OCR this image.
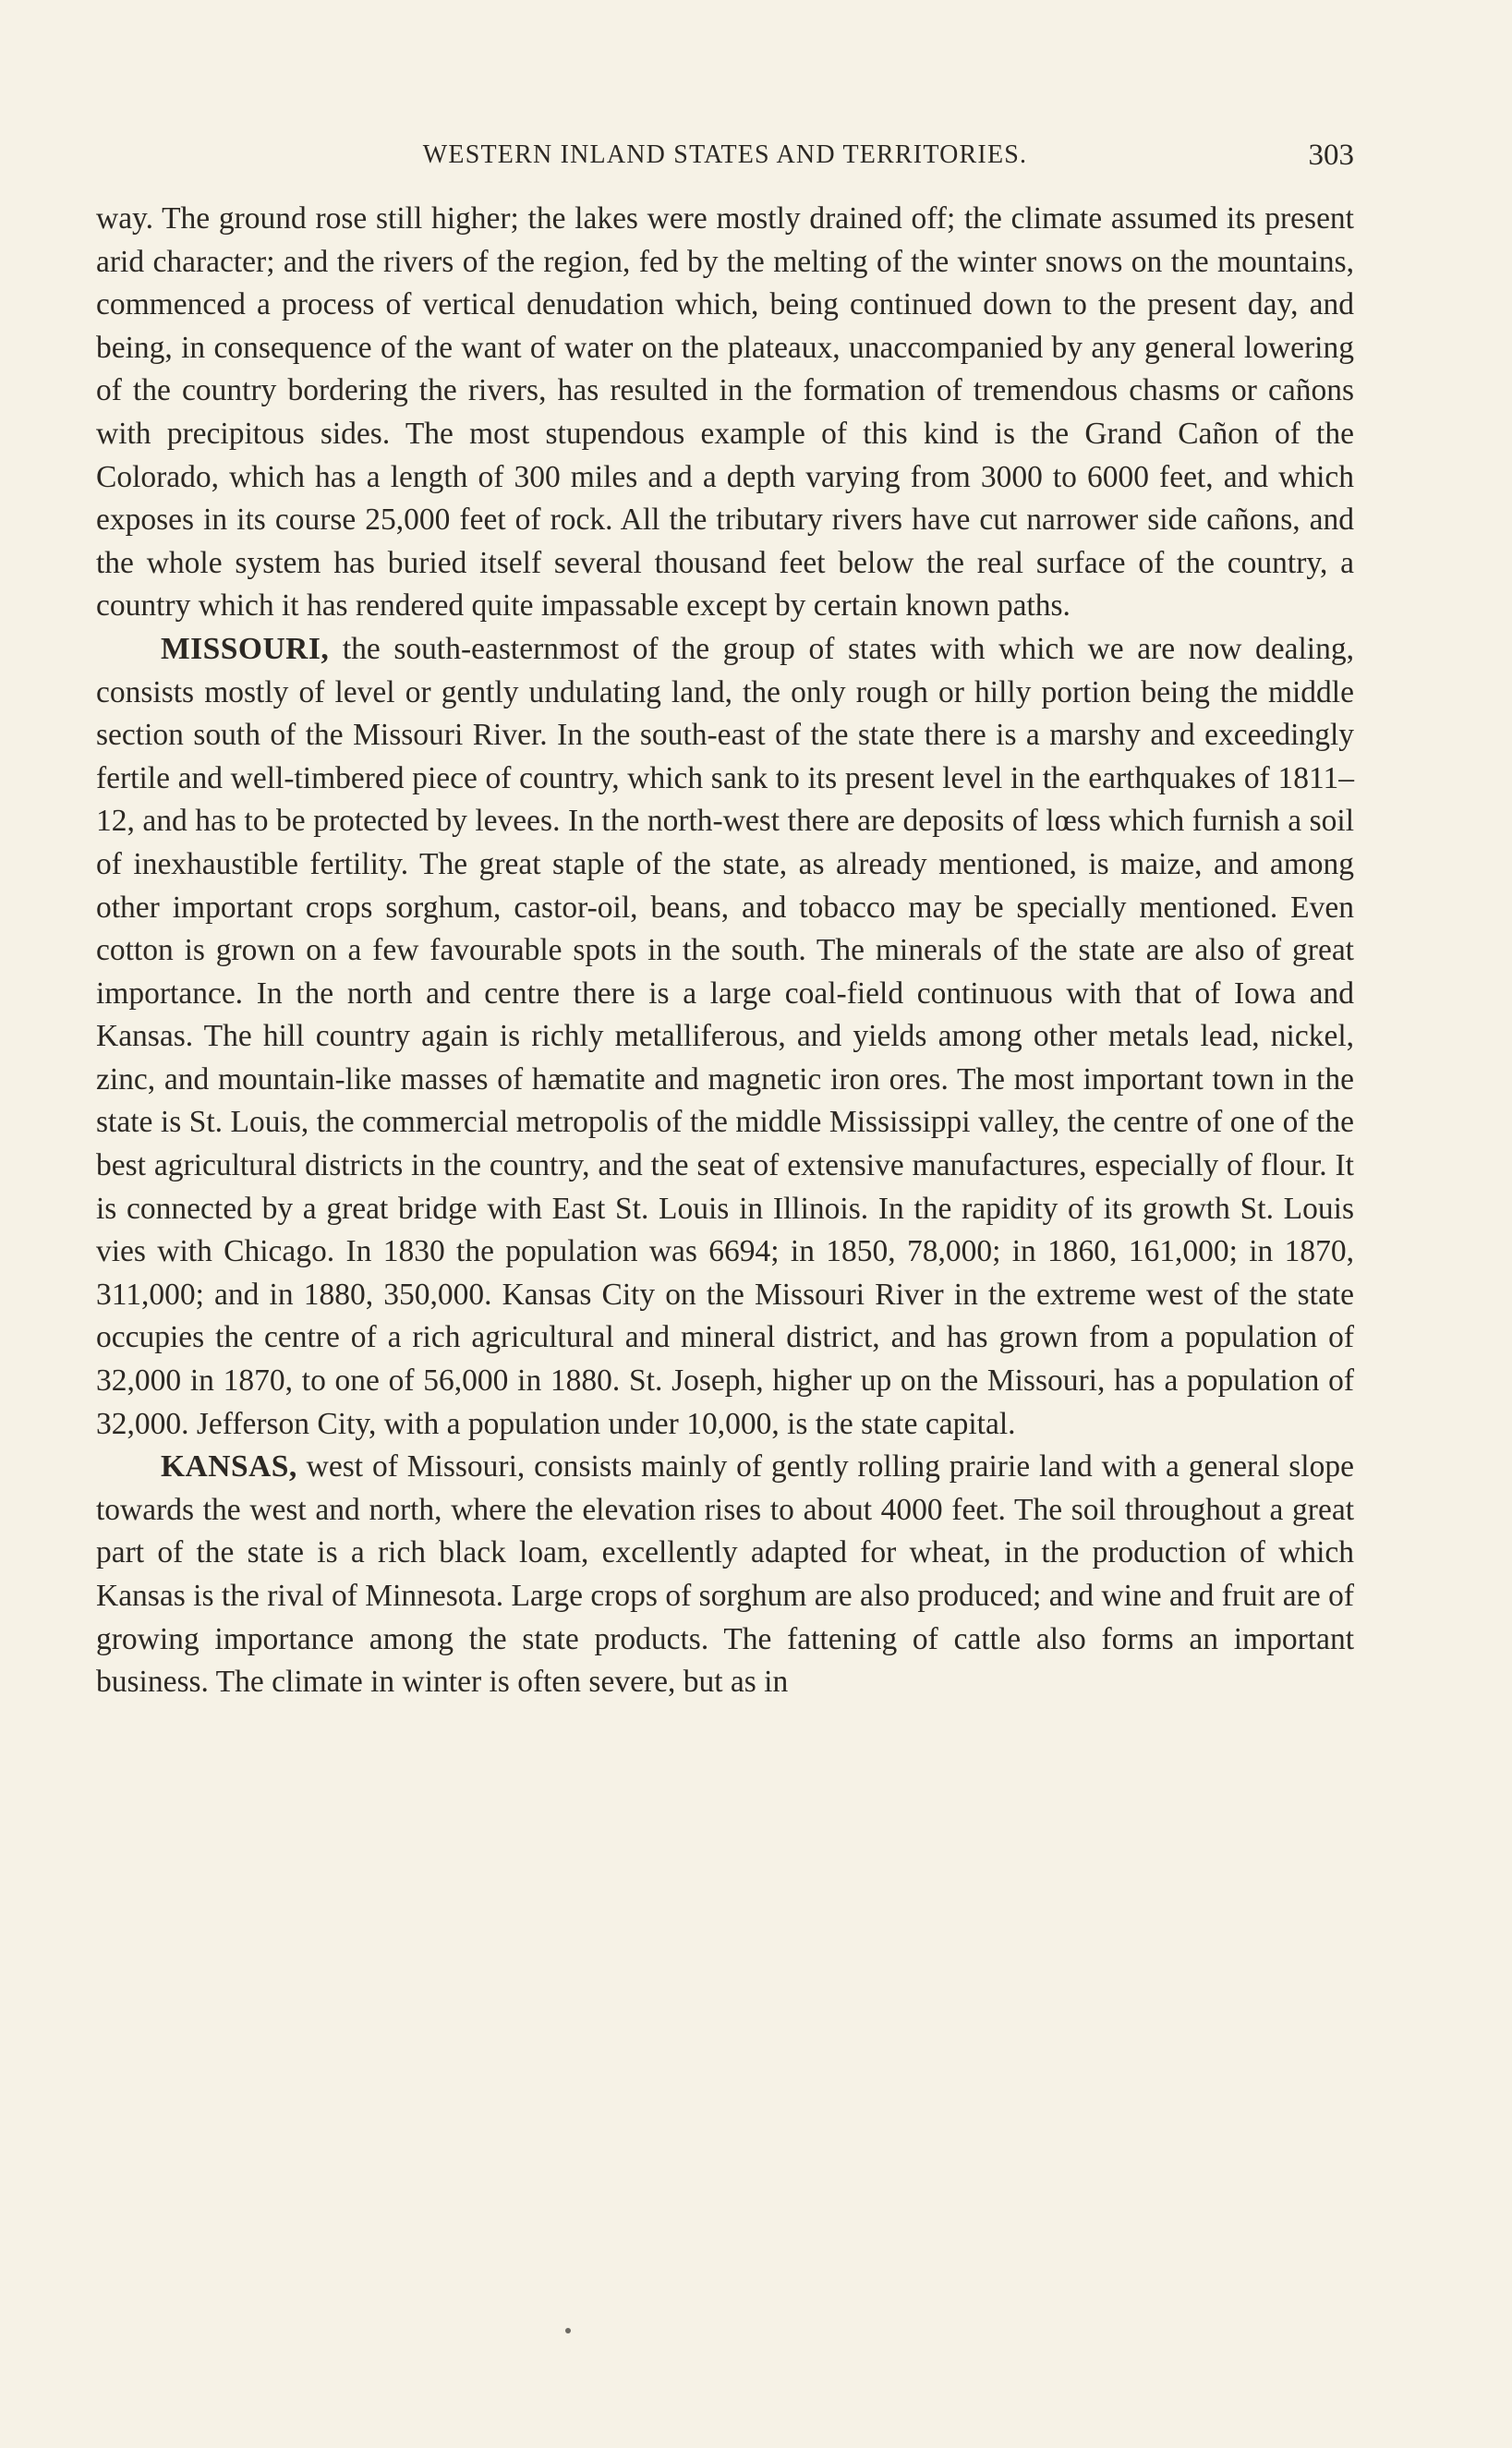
WESTERN INLAND STATES AND TERRITORIES.	303

way. The ground rose still higher; the lakes were mostly drained off; the climate assumed its present arid character; and the rivers of the region, fed by the melting of the winter snows on the mountains, commenced a process of vertical denudation which, being continued down to the present day, and being, in consequence of the want of water on the plateaux, unaccompanied by any general lowering of the country bordering the rivers, has resulted in the formation of tremendous chasms or cañons with precipitous sides. The most stupendous example of this kind is the Grand Cañon of the Colorado, which has a length of 300 miles and a depth varying from 3000 to 6000 feet, and which exposes in its course 25,000 feet of rock. All the tributary rivers have cut narrower side cañons, and the whole system has buried itself several thousand feet below the real surface of the country, a country which it has rendered quite impassable except by certain known paths.

MISSOURI, the south-easternmost of the group of states with which we are now dealing, consists mostly of level or gently undulating land, the only rough or hilly portion being the middle section south of the Missouri River. In the south-east of the state there is a marshy and exceedingly fertile and well-timbered piece of country, which sank to its present level in the earthquakes of 1811–12, and has to be protected by levees. In the north-west there are deposits of lœss which furnish a soil of inexhaustible fertility. The great staple of the state, as already mentioned, is maize, and among other important crops sorghum, castor-oil, beans, and tobacco may be specially mentioned. Even cotton is grown on a few favourable spots in the south. The minerals of the state are also of great importance. In the north and centre there is a large coal-field continuous with that of Iowa and Kansas. The hill country again is richly metalliferous, and yields among other metals lead, nickel, zinc, and mountain-like masses of hæmatite and magnetic iron ores. The most important town in the state is St. Louis, the commercial metropolis of the middle Mississippi valley, the centre of one of the best agricultural districts in the country, and the seat of extensive manufactures, especially of flour. It is connected by a great bridge with East St. Louis in Illinois. In the rapidity of its growth St. Louis vies with Chicago. In 1830 the population was 6694; in 1850, 78,000; in 1860, 161,000; in 1870, 311,000; and in 1880, 350,000. Kansas City on the Missouri River in the extreme west of the state occupies the centre of a rich agricultural and mineral district, and has grown from a population of 32,000 in 1870, to one of 56,000 in 1880. St. Joseph, higher up on the Missouri, has a population of 32,000. Jefferson City, with a population under 10,000, is the state capital.

KANSAS, west of Missouri, consists mainly of gently rolling prairie land with a general slope towards the west and north, where the elevation rises to about 4000 feet. The soil throughout a great part of the state is a rich black loam, excellently adapted for wheat, in the production of which Kansas is the rival of Minnesota. Large crops of sorghum are also produced; and wine and fruit are of growing importance among the state products. The fattening of cattle also forms an important business. The climate in winter is often severe, but as in
